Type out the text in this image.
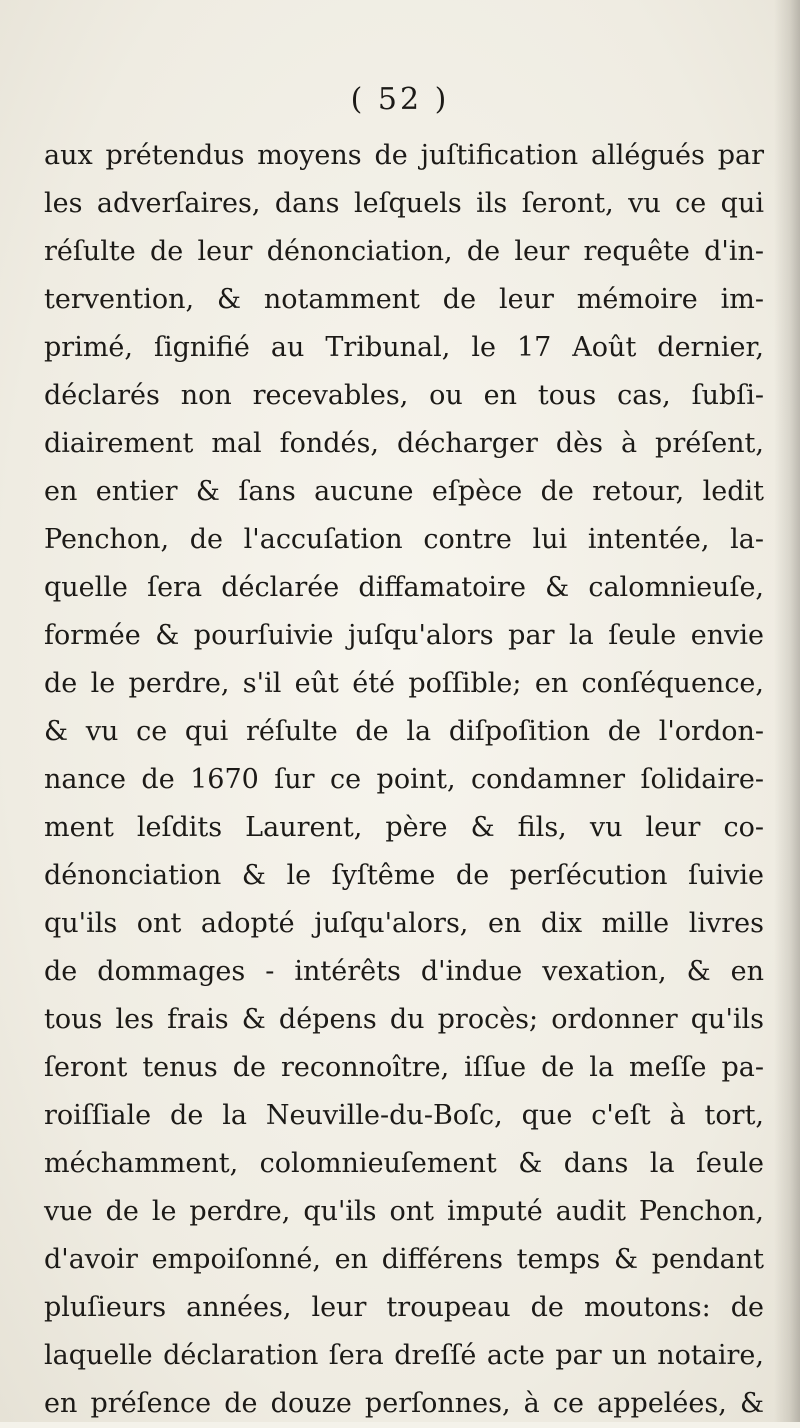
( 52 )
aux prétendus moyens de juſtification allégués par
les adverſaires, dans leſquels ils ſeront, vu ce qui
réſulte de leur dénonciation, de leur requête d'in-
tervention, & notamment de leur mémoire im-
primé, ſignifié au Tribunal, le 17 Août dernier,
déclarés non recevables, ou en tous cas, ſubſi-
diairement mal fondés, décharger dès à préſent,
en entier & ſans aucune eſpèce de retour, ledit
Penchon, de l'accuſation contre lui intentée, la-
quelle ſera déclarée diffamatoire & calomnieuſe,
formée & pourſuivie juſqu'alors par la ſeule envie
de le perdre, s'il eût été poſſible; en conſéquence,
& vu ce qui réſulte de la diſpoſition de l'ordon-
nance de 1670 ſur ce point, condamner ſolidaire-
ment leſdits Laurent, père & fils, vu leur co-
dénonciation & le ſyſtême de perſécution ſuivie
qu'ils ont adopté juſqu'alors, en dix mille livres
de dommages - intérêts d'indue vexation, & en
tous les frais & dépens du procès; ordonner qu'ils
ſeront tenus de reconnoître, iſſue de la meſſe pa-
roiſſiale de la Neuville-du-Boſc, que c'eſt à tort,
méchamment, colomnieuſement & dans la ſeule
vue de le perdre, qu'ils ont imputé audit Penchon,
d'avoir empoiſonné, en différens temps & pendant
pluſieurs années, leur troupeau de moutons: de
laquelle déclaration ſera dreſſé acte par un notaire,
en préſence de douze perſonnes, à ce appelées, &
